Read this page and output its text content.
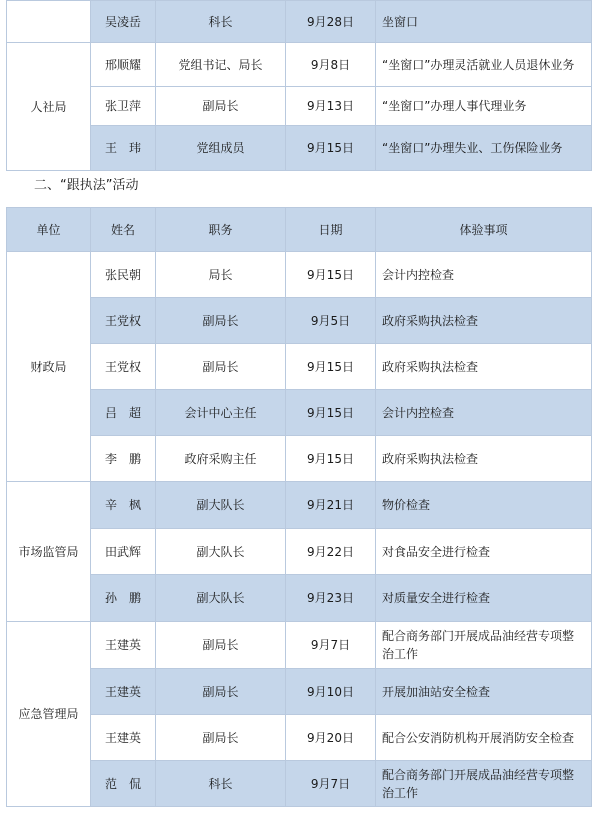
	吴凌岳	科长	9月28日	坐窗口
人社局	邢顺耀	党组书记、局长	9月8日	“坐窗口”办理灵活就业人员退休业务
	张卫萍	副局长	9月13日	“坐窗口”办理人事代理业务
	王　玮	党组成员	9月15日	“坐窗口”办理失业、工伤保险业务
二、“跟执法”活动
单位	姓名	职务	日期	体验事项
财政局	张民朝	局长	9月15日	会计内控检查
	王党权	副局长	9月5日	政府采购执法检查
	王党权	副局长	9月15日	政府采购执法检查
	吕　超	会计中心主任	9月15日	会计内控检查
	李　鹏	政府采购主任	9月15日	政府采购执法检查
市场监管局	辛　枫	副大队长	9月21日	物价检查
	田武辉	副大队长	9月22日	对食品安全进行检查
	孙　鹏	副大队长	9月23日	对质量安全进行检查
应急管理局	王建英	副局长	9月7日	配合商务部门开展成品油经营专项整治工作
	王建英	副局长	9月10日	开展加油站安全检查
	王建英	副局长	9月20日	配合公安消防机构开展消防安全检查
	范　侃	科长	9月7日	配合商务部门开展成品油经营专项整治工作
